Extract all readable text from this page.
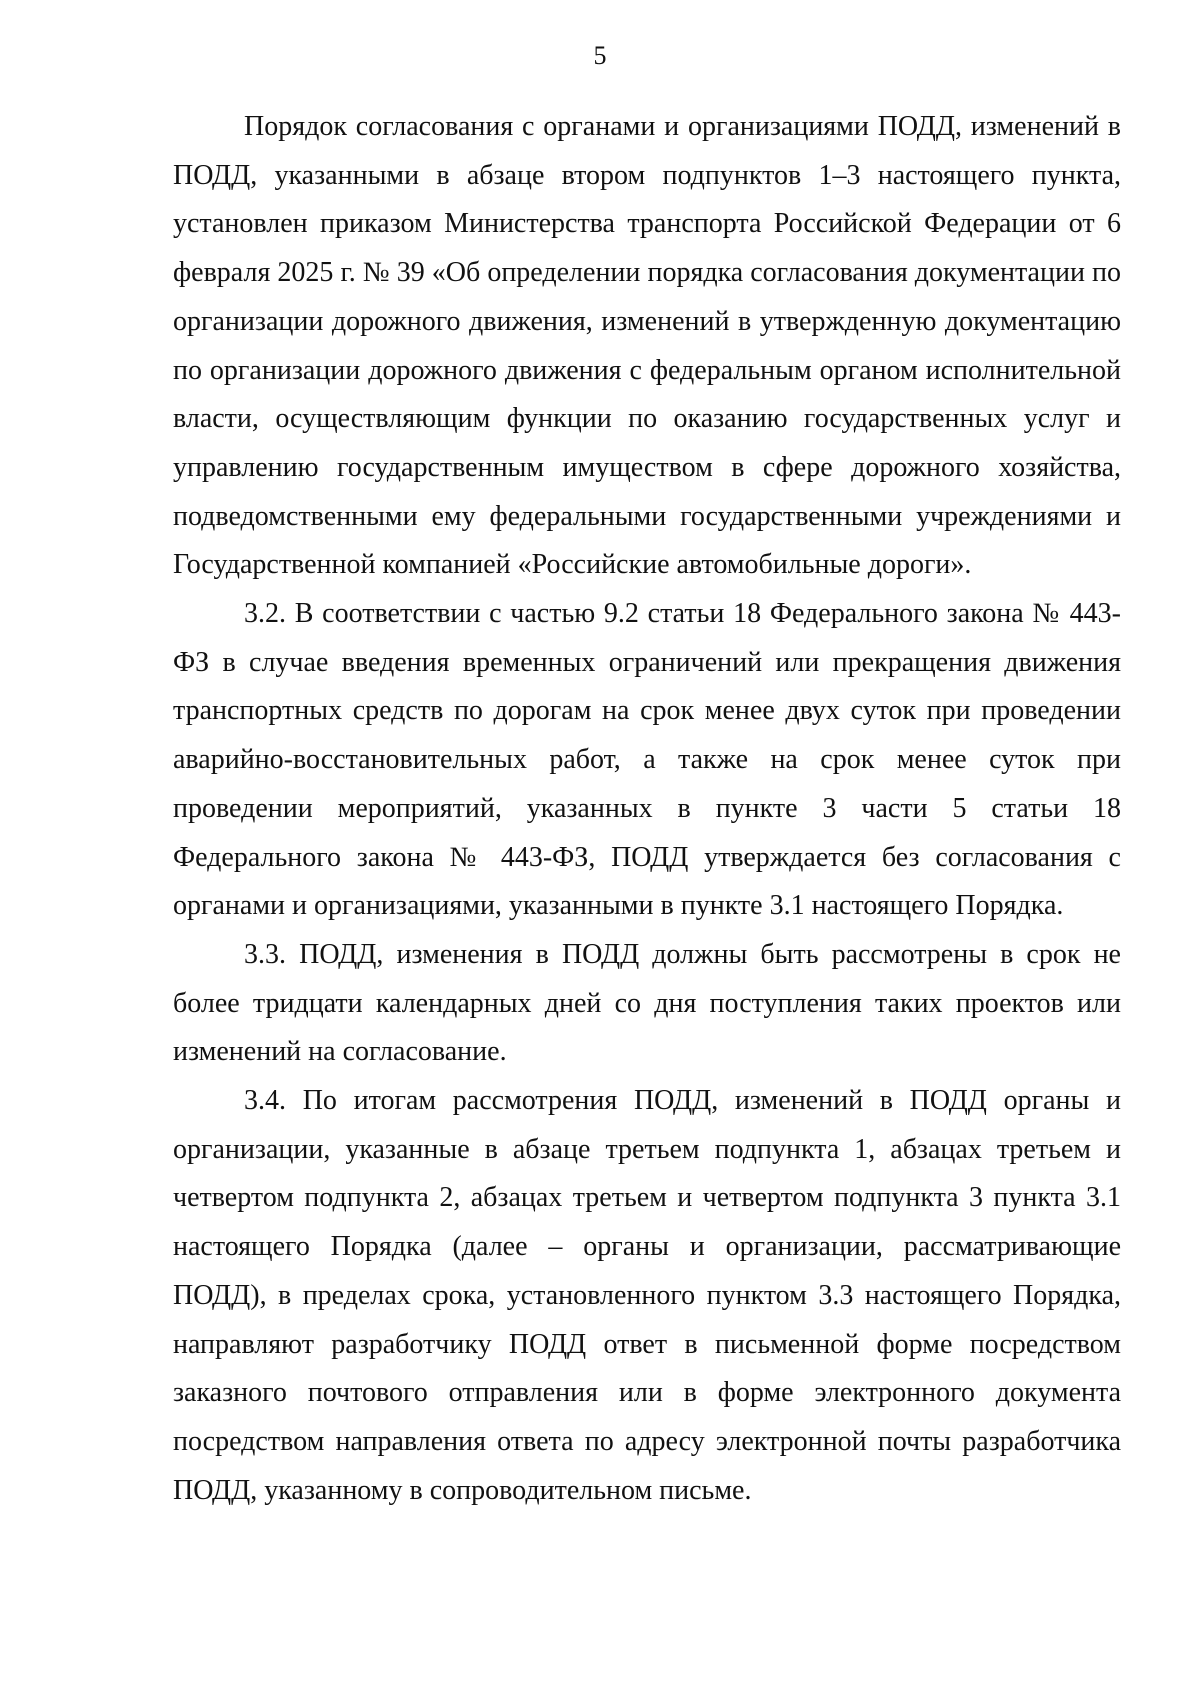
5

Порядок согласования с органами и организациями ПОДД, изменений в ПОДД, указанными в абзаце втором подпунктов 1–3 настоящего пункта, установлен приказом Министерства транспорта Российской Федерации от 6 февраля 2025 г. № 39 «Об определении порядка согласования документации по организации дорожного движения, изменений в утвержденную документацию по организации дорожного движения с федеральным органом исполнительной власти, осуществляющим функции по оказанию государственных услуг и управлению государственным имуществом в сфере дорожного хозяйства, подведомственными ему федеральными государственными учреждениями и Государственной компанией «Российские автомобильные дороги».

3.2. В соответствии с частью 9.2 статьи 18 Федерального закона № 443-ФЗ в случае введения временных ограничений или прекращения движения транспортных средств по дорогам на срок менее двух суток при проведении аварийно-восстановительных работ, а также на срок менее суток при проведении мероприятий, указанных в пункте 3 части 5 статьи 18 Федерального закона № 443-ФЗ, ПОДД утверждается без согласования с органами и организациями, указанными в пункте 3.1 настоящего Порядка.

3.3. ПОДД, изменения в ПОДД должны быть рассмотрены в срок не более тридцати календарных дней со дня поступления таких проектов или изменений на согласование.

3.4. По итогам рассмотрения ПОДД, изменений в ПОДД органы и организации, указанные в абзаце третьем подпункта 1, абзацах третьем и четвертом подпункта 2, абзацах третьем и четвертом подпункта 3 пункта 3.1 настоящего Порядка (далее – органы и организации, рассматривающие ПОДД), в пределах срока, установленного пунктом 3.3 настоящего Порядка, направляют разработчику ПОДД ответ в письменной форме посредством заказного почтового отправления или в форме электронного документа посредством направления ответа по адресу электронной почты разработчика ПОДД, указанному в сопроводительном письме.
